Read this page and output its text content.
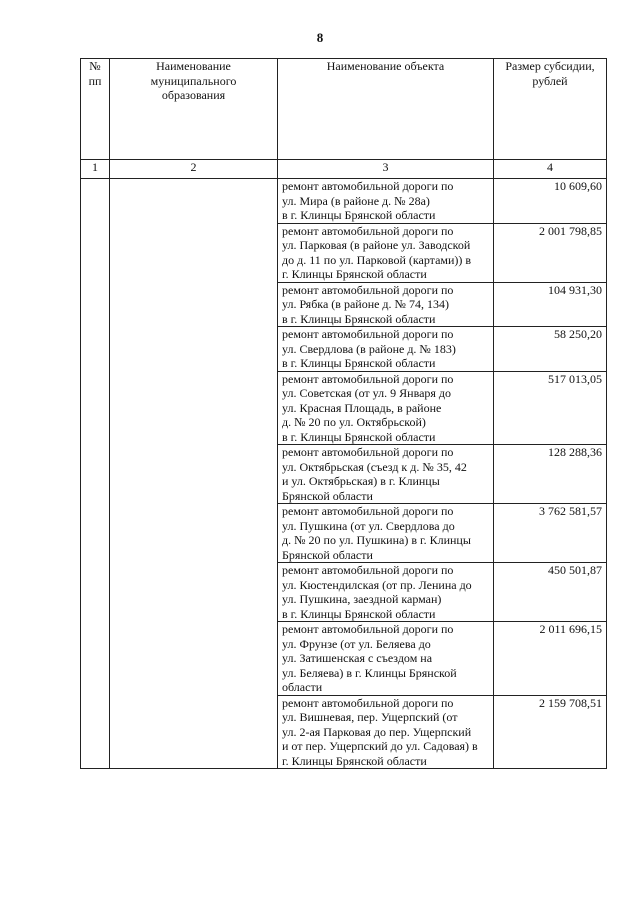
8
№
пп	Наименование
муниципального
образования	Наименование объекта	Размер субсидии,
рублей
1	2	3	4
		ремонт автомобильной дороги по
ул. Мира (в районе д. № 28а)
в г. Клинцы Брянской области	10 609,60
		ремонт автомобильной дороги по
ул. Парковая (в районе ул. Заводской
до д. 11 по ул. Парковой (картами)) в
г. Клинцы Брянской области	2 001 798,85
		ремонт автомобильной дороги по
ул. Рябка (в районе д. № 74, 134)
в г. Клинцы Брянской области	104 931,30
		ремонт автомобильной дороги по
ул. Свердлова (в районе д. № 183)
в г. Клинцы Брянской области	58 250,20
		ремонт автомобильной дороги по
ул. Советская (от ул. 9 Января до
ул. Красная Площадь, в районе
д. № 20 по ул. Октябрьской)
в г. Клинцы Брянской области	517 013,05
		ремонт автомобильной дороги по
ул. Октябрьская (съезд к д. № 35, 42
и ул. Октябрьская) в г. Клинцы
Брянской области	128 288,36
		ремонт автомобильной дороги по
ул. Пушкина (от ул. Свердлова до
д. № 20 по ул. Пушкина) в г. Клинцы
Брянской области	3 762 581,57
		ремонт автомобильной дороги по
ул. Кюстендилская (от пр. Ленина до
ул. Пушкина, заездной карман)
в г. Клинцы Брянской области	450 501,87
		ремонт автомобильной дороги по
ул. Фрунзе (от ул. Беляева до
ул. Затишенская с съездом на
ул. Беляева) в г. Клинцы Брянской
области	2 011 696,15
		ремонт автомобильной дороги по
ул. Вишневая, пер. Ущерпский (от
ул. 2-ая Парковая до пер. Ущерпский
и от пер. Ущерпский до ул. Садовая) в
г. Клинцы Брянской области	2 159 708,51
